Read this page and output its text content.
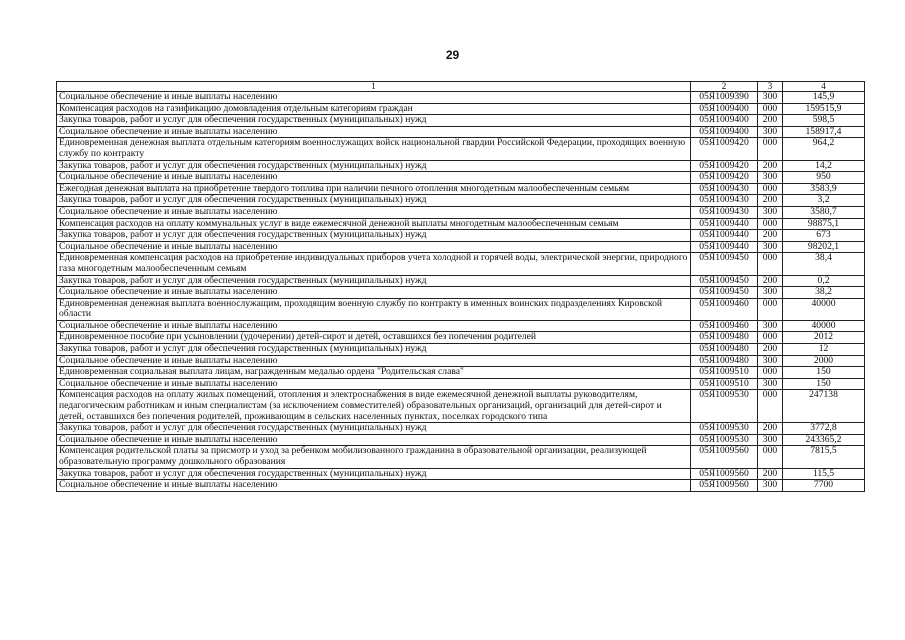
29
1	2	3	4
Социальное обеспечение и иные выплаты населению	05Я1009390	300	145,9
Компенсация расходов на газификацию домовладения отдельным категориям граждан	05Я1009400	000	159515,9
Закупка товаров, работ и услуг для обеспечения государственных (муниципальных) нужд	05Я1009400	200	598,5
Социальное обеспечение и иные выплаты населению	05Я1009400	300	158917,4
Единовременная денежная выплата отдельным категориям военнослужащих войск национальной гвардии Российской Федерации, проходящих военную службу по контракту	05Я1009420	000	964,2
Закупка товаров, работ и услуг для обеспечения государственных (муниципальных) нужд	05Я1009420	200	14,2
Социальное обеспечение и иные выплаты населению	05Я1009420	300	950
Ежегодная денежная выплата на приобретение твердого топлива при наличии печного отопления многодетным малообеспеченным семьям	05Я1009430	000	3583,9
Закупка товаров, работ и услуг для обеспечения государственных (муниципальных) нужд	05Я1009430	200	3,2
Социальное обеспечение и иные выплаты населению	05Я1009430	300	3580,7
Компенсация расходов на оплату коммунальных услуг в виде ежемесячной денежной выплаты многодетным малообеспеченным семьям	05Я1009440	000	98875,1
Закупка товаров, работ и услуг для обеспечения государственных (муниципальных) нужд	05Я1009440	200	673
Социальное обеспечение и иные выплаты населению	05Я1009440	300	98202,1
Единовременная компенсация расходов на приобретение индивидуальных приборов учета холодной и горячей воды, электрической энергии, природного газа многодетным малообеспеченным семьям	05Я1009450	000	38,4
Закупка товаров, работ и услуг для обеспечения государственных (муниципальных) нужд	05Я1009450	200	0,2
Социальное обеспечение и иные выплаты населению	05Я1009450	300	38,2
Единовременная денежная выплата военнослужащим, проходящим военную службу по контракту в именных воинских подразделениях Кировской области	05Я1009460	000	40000
Социальное обеспечение и иные выплаты населению	05Я1009460	300	40000
Единовременное пособие при усыновлении (удочерении) детей-сирот и детей, оставшихся без попечения родителей	05Я1009480	000	2012
Закупка товаров, работ и услуг для обеспечения государственных (муниципальных) нужд	05Я1009480	200	12
Социальное обеспечение и иные выплаты населению	05Я1009480	300	2000
Единовременная социальная выплата лицам, награжденным медалью ордена "Родительская слава"	05Я1009510	000	150
Социальное обеспечение и иные выплаты населению	05Я1009510	300	150
Компенсация расходов на оплату жилых помещений, отопления и электроснабжения в виде ежемесячной денежной выплаты руководителям, педагогическим работникам и иным специалистам (за исключением совместителей) образовательных организаций, организаций для детей-сирот и детей, оставшихся без попечения родителей, проживающим в сельских населенных пунктах, поселках городского типа	05Я1009530	000	247138
Закупка товаров, работ и услуг для обеспечения государственных (муниципальных) нужд	05Я1009530	200	3772,8
Социальное обеспечение и иные выплаты населению	05Я1009530	300	243365,2
Компенсация родительской платы за присмотр и уход за ребенком мобилизованного гражданина в образовательной организации, реализующей образовательную программу дошкольного образования	05Я1009560	000	7815,5
Закупка товаров, работ и услуг для обеспечения государственных (муниципальных) нужд	05Я1009560	200	115,5
Социальное обеспечение и иные выплаты населению	05Я1009560	300	7700
